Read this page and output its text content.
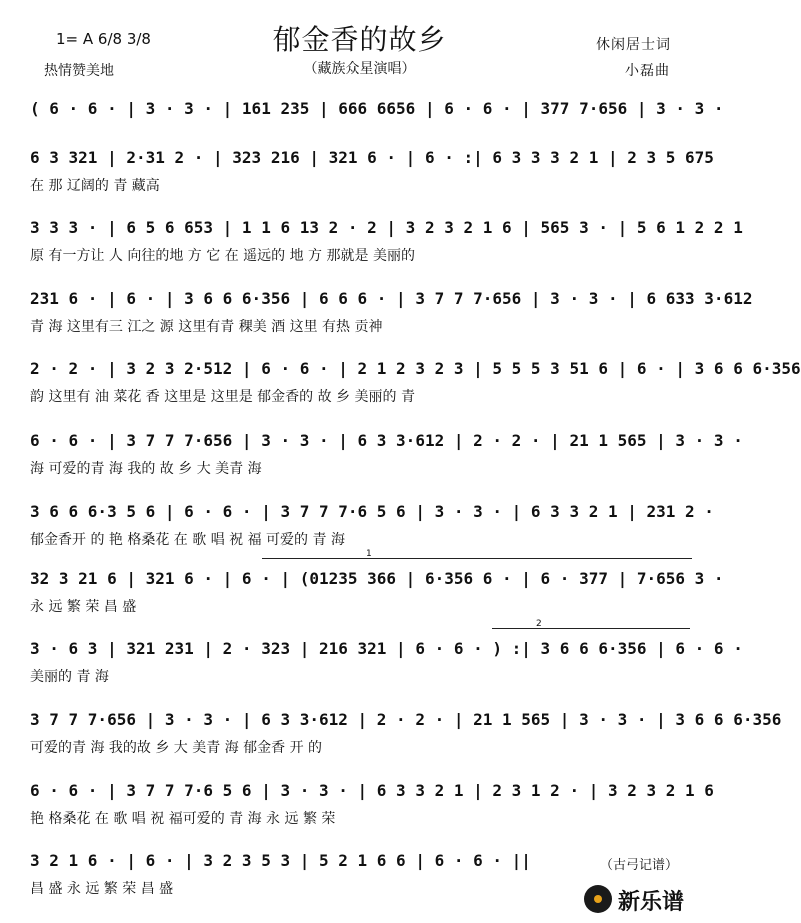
郁金香的故乡
（藏族众星演唱）
1= A 6/8 3/8
热情赞美地
休闲居士词
小磊曲
( 6 · 6 · | 3 · 3 · | 161 235 | 666 6656 | 6 · 6 · | 377 7·656 | 3 · 3 ·
6 3 321 | 2·31 2 · | 323 216 | 321 6 · | 6 · :| 6 3 3 3 2 1 | 2 3 5 675
在 那 辽阔的 青 藏高
3 3 3 · | 6 5 6 653 | 1 1 6 13 2 · 2 | 3 2 3 2 1 6 | 565 3 · | 5 6 1 2 2 1
原 有一方让 人 向往的地 方 它 在 遥远的 地 方 那就是 美丽的
231 6 · | 6 · | 3 6 6 6·356 | 6 6 6 · | 3 7 7 7·656 | 3 · 3 · | 6 633 3·612
青 海 这里有三 江之 源 这里有青 稞美 酒 这里 有热 贡神
2 · 2 · | 3 2 3 2·512 | 6 · 6 · | 2 1 2 3 2 3 | 5 5 5 3 51 6 | 6 · | 3 6 6 6·356
韵 这里有 油 菜花 香 这里是 这里是 郁金香的 故 乡 美丽的 青
6 · 6 · | 3 7 7 7·656 | 3 · 3 · | 6 3 3·612 | 2 · 2 · | 21 1 565 | 3 · 3 ·
海 可爱的青 海 我的 故 乡 大 美青 海
3 6 6 6·3 5 6 | 6 · 6 · | 3 7 7 7·6 5 6 | 3 · 3 · | 6 3 3 2 1 | 231 2 ·
郁金香开 的 艳 格桑花 在 歌 唱 祝 福 可爱的 青 海
1
32 3 21 6 | 321 6 · | 6 · | (01235 366 | 6·356 6 · | 6 · 377 | 7·656 3 ·
永 远 繁 荣 昌 盛
2
3 · 6 3 | 321 231 | 2 · 323 | 216 321 | 6 · 6 · ) :| 3 6 6 6·356 | 6 · 6 ·
美丽的 青 海
3 7 7 7·656 | 3 · 3 · | 6 3 3·612 | 2 · 2 · | 21 1 565 | 3 · 3 · | 3 6 6 6·356
可爱的青 海 我的故 乡 大 美青 海 郁金香 开 的
6 · 6 · | 3 7 7 7·6 5 6 | 3 · 3 · | 6 3 3 2 1 | 2 3 1 2 · | 3 2 3 2 1 6
艳 格桑花 在 歌 唱 祝 福可爱的 青 海 永 远 繁 荣
3 2 1 6 · | 6 · | 3 2 3 5 3 | 5 2 1 6 6 | 6 · 6 · ||
昌 盛 永 远 繁 荣 昌 盛
（古弓记谱）
新乐谱
